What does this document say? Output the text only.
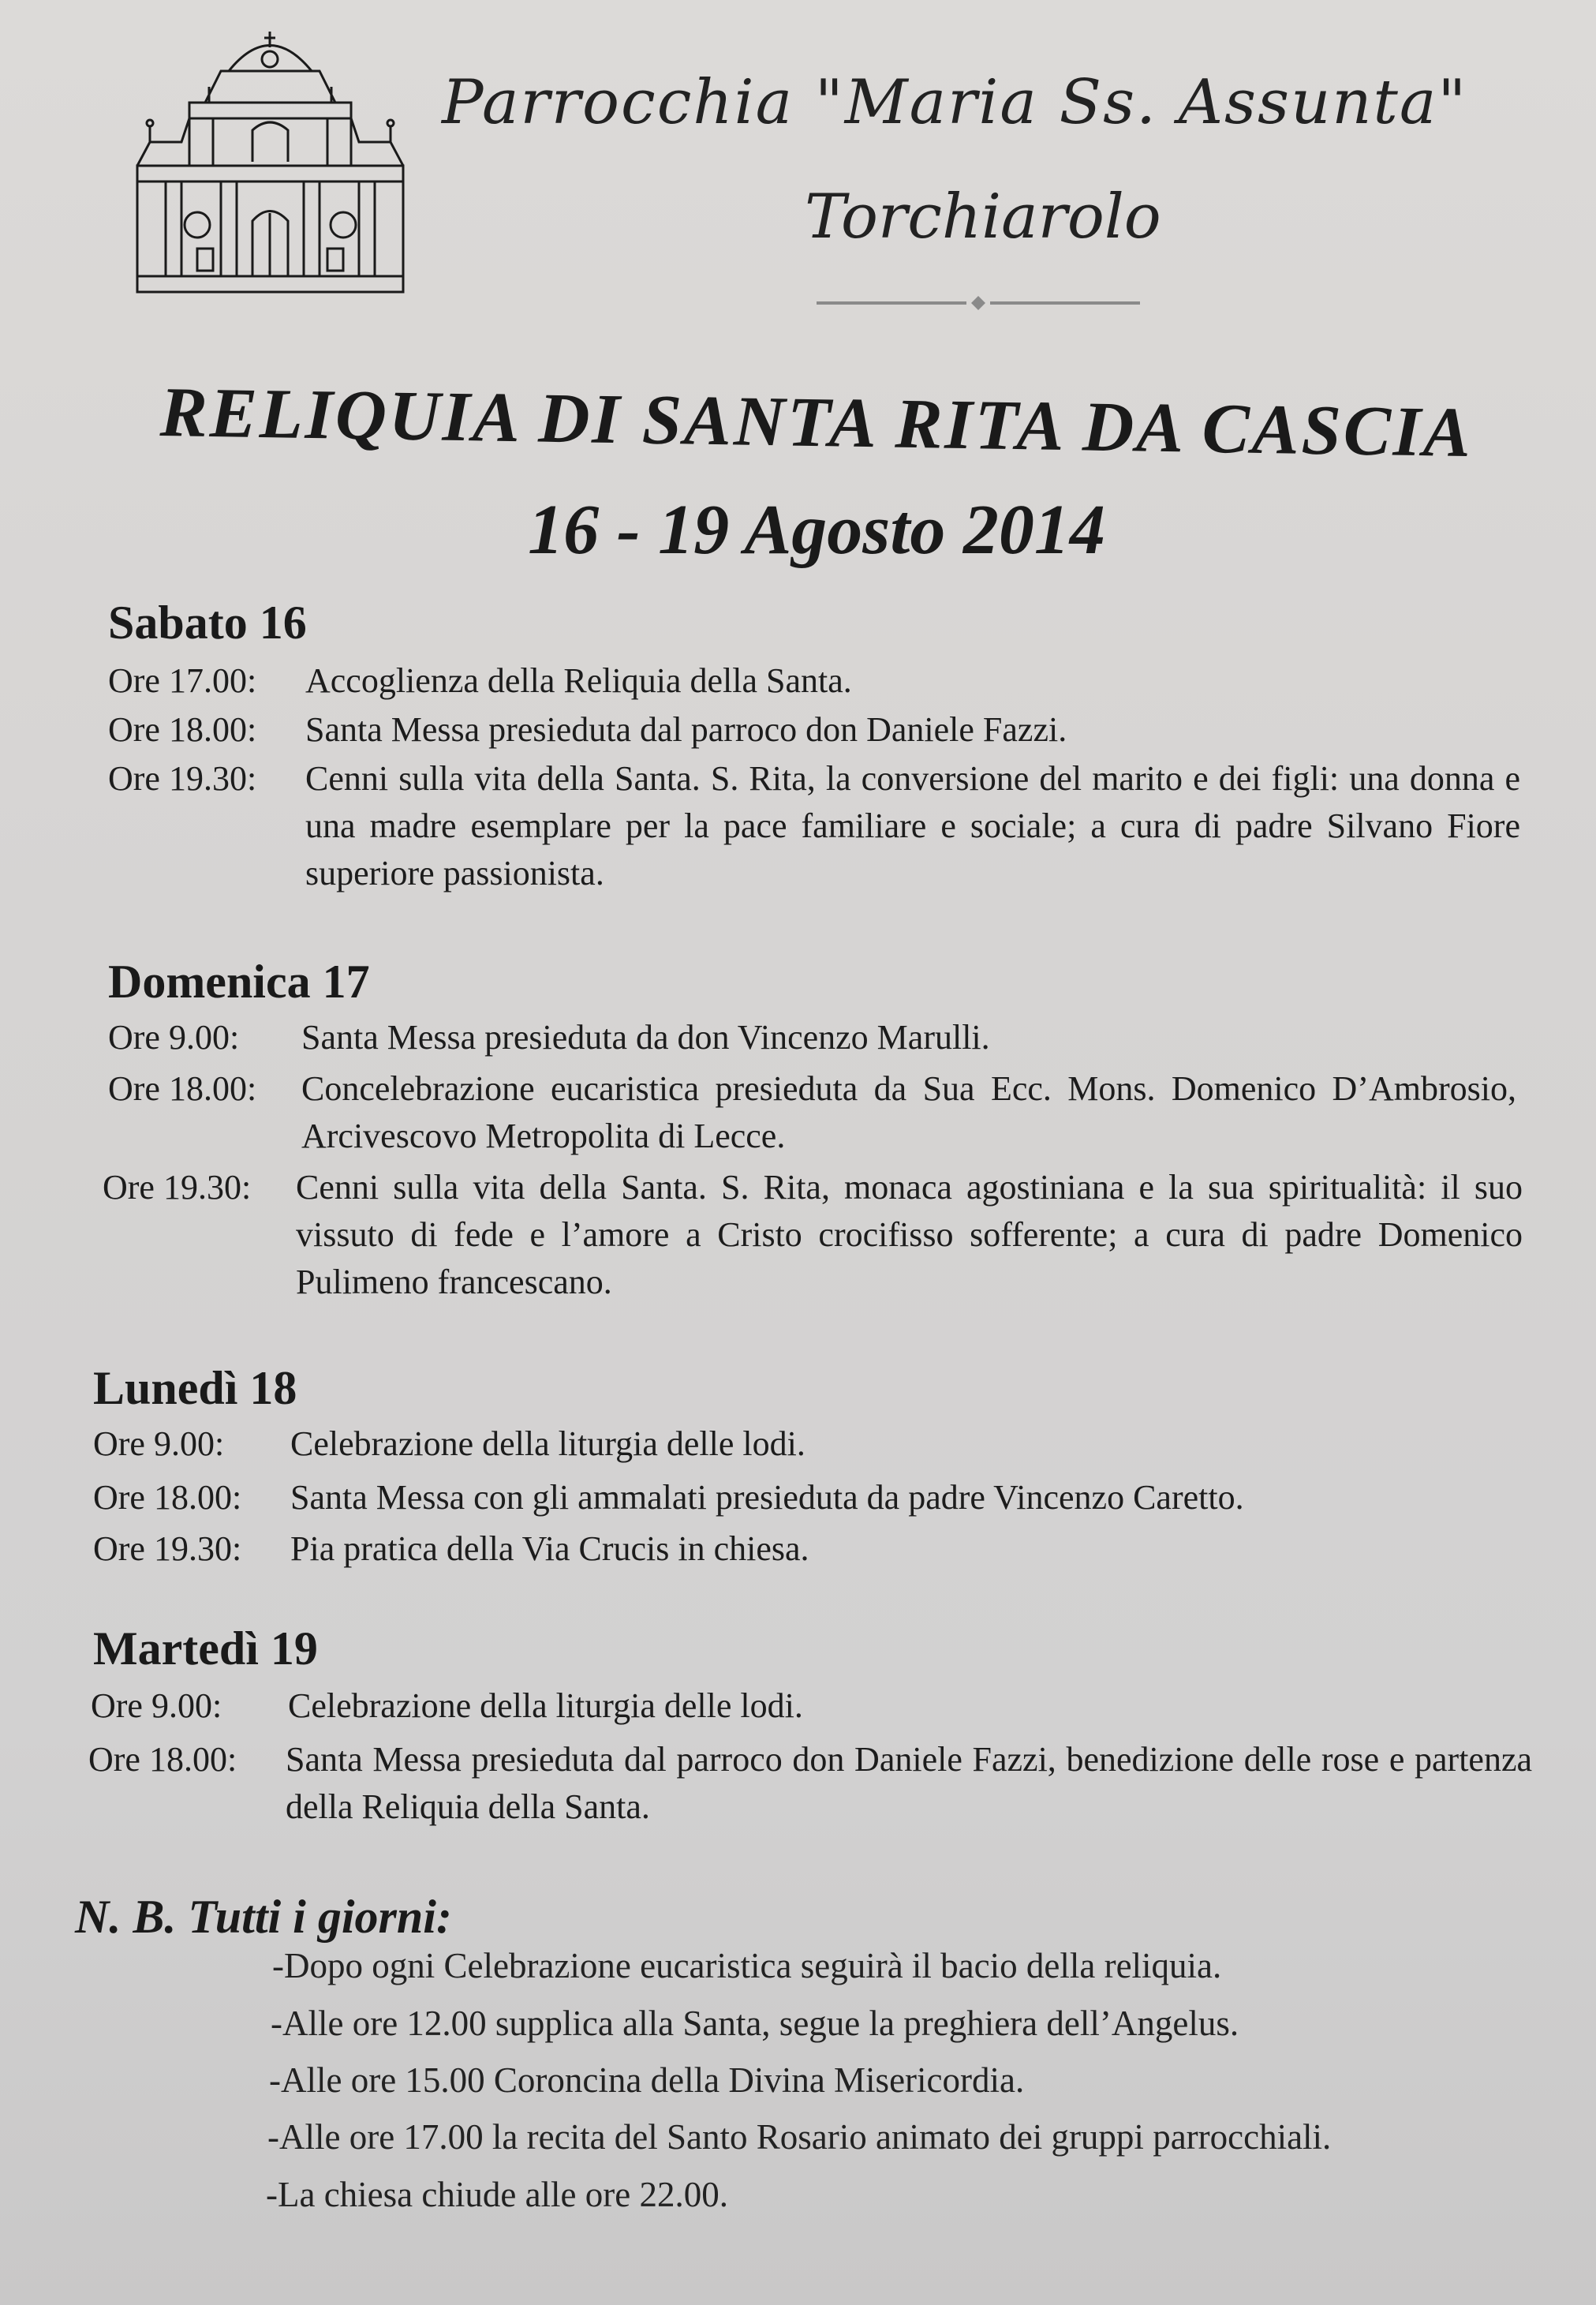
Parrocchia "Maria Ss. Assunta"
Torchiarolo
RELIQUIA DI SANTA RITA DA CASCIA
16 - 19 Agosto 2014
Sabato 16
Ore 17.00: Accoglienza della Reliquia della Santa.
Ore 18.00: Santa Messa presieduta dal parroco don Daniele Fazzi.
Ore 19.30: Cenni sulla vita della Santa. S. Rita, la conversione del marito e dei figli: una donna e una madre esemplare per la pace familiare e sociale; a cura di padre Silvano Fiore superiore passionista.
Domenica 17
Ore 9.00: Santa Messa presieduta da don Vincenzo Marulli.
Ore 18.00: Concelebrazione eucaristica presieduta da Sua Ecc. Mons. Domenico D’Ambrosio, Arcivescovo Metropolita di Lecce.
Ore 19.30: Cenni sulla vita della Santa. S. Rita, monaca agostiniana e la sua spiritualità: il suo vissuto di fede e l’amore a Cristo crocifisso sofferente; a cura di padre Domenico Pulimeno francescano.
Lunedì 18
Ore 9.00: Celebrazione della liturgia delle lodi.
Ore 18.00: Santa Messa con gli ammalati presieduta da padre Vincenzo Caretto.
Ore 19.30: Pia pratica della Via Crucis in chiesa.
Martedì 19
Ore 9.00: Celebrazione della liturgia delle lodi.
Ore 18.00: Santa Messa presieduta dal parroco don Daniele Fazzi, benedizione delle rose e partenza della Reliquia della Santa.
N. B. Tutti i giorni:
-Dopo ogni Celebrazione eucaristica seguirà il bacio della reliquia.
-Alle ore 12.00 supplica alla Santa, segue la preghiera dell’Angelus.
-Alle ore 15.00 Coroncina della Divina Misericordia.
-Alle ore 17.00 la recita del Santo Rosario animato dei gruppi parrocchiali.
-La chiesa chiude alle ore 22.00.
